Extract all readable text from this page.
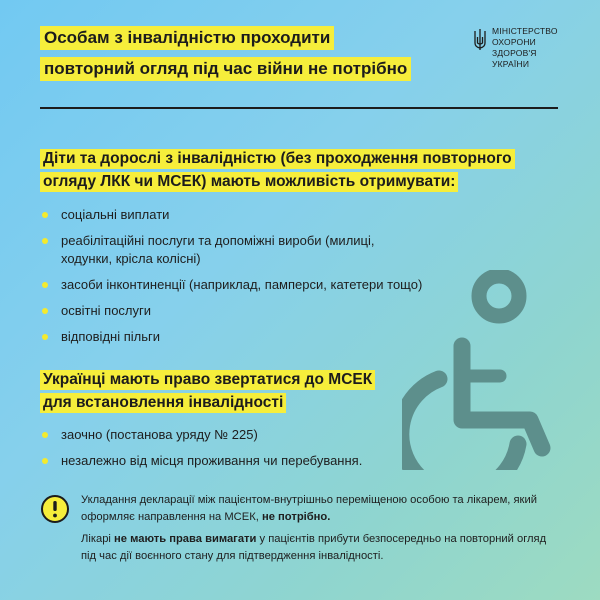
Особам з інвалідністю проходити
повторний огляд під час війни не потрібно
МІНІСТЕРСТВО
ОХОРОНИ
ЗДОРОВ'Я
УКРАЇНИ
Діти та дорослі з інвалідністю (без проходження повторного
огляду ЛКК чи МСЕК) мають можливість отримувати:
соціальні виплати
реабілітаційні послуги та допоміжні вироби (милиці, ходунки, крісла колісні)
засоби інконтиненції (наприклад, памперси, катетери тощо)
освітні послуги
відповідні пільги
Українці мають право звертатися до МСЕК
для встановлення інвалідності
заочно (постанова уряду № 225)
незалежно від місця проживання чи перебування.

Укладання декларації між пацієнтом-внутрішньо переміщеною особою та лікарем, який оформляє направлення на МСЕК, не потрібно.

Лікарі не мають права вимагати у пацієнтів прибути безпосередньо на повторний огляд під час дії воєнного стану для підтвердження інвалідності.
